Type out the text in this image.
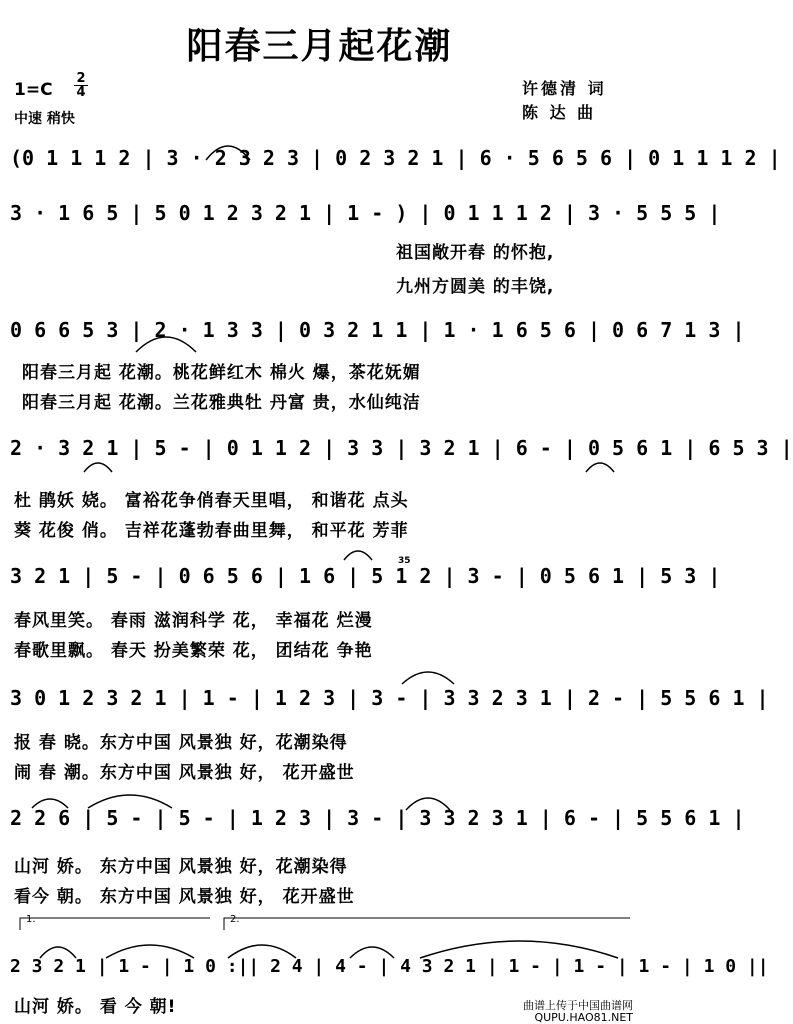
阳春三月起花潮
$1=C \frac{2}{4}$
中速 稍快
许德清 词
陈 达 曲
(0 1 1 1 2 | 3 · 2 3 2 3 | 0 2 3 2 1 | 6 · 5 6 5 6 | 0 1 1 1 2 |
3 · 1 6 5 | 5 0 1 2 3 2 1 | 1 - ) | 0 1 1 1 2 | 3 · 5 5 5 |
祖国敞开春 的怀抱,
九州方圆美 的丰饶,
0 6 6 5 3 | 2 · 1 3 3 | 0 3 2 1 1 | 1 · 1 6 5 6 | 0 6 7 1 3 |
阳春三月起 花潮。桃花鲜红木 棉火 爆，茶花妩媚
阳春三月起 花潮。兰花雅典牡 丹富 贵，水仙纯洁
2 · 3 2 1 | 5 - | 0 1 1 2 | 3 3 | 3 2 1 | 6 - | 0 5 6 1 | 6 5 3 |
杜 鹃妖 娆。 富裕花争俏春天里唱， 和谐花 点头
葵 花俊 俏。 吉祥花蓬勃春曲里舞， 和平花 芳菲
3 2 1 | 5 - | 0 6 5 6 | 1 6 | 5 1 2 | 3 - | 0 5 6 1 | 5 3 |
35
春风里笑。 春雨 滋润科学 花， 幸福花 烂漫
春歌里飘。 春天 扮美繁荣 花， 团结花 争艳
3 0 1 2 3 2 1 | 1 - | 1 2 3 | 3 - | 3 3 2 3 1 | 2 - | 5 5 6 1 |
报 春 晓。东方中国 风景独 好，花潮染得
闹 春 潮。东方中国 风景独 好， 花开盛世
2 2 6 | 5 - | 5 - | 1 2 3 | 3 - | 3 3 2 3 1 | 6 - | 5 5 6 1 |
山河 娇。 东方中国 风景独 好，花潮染得
看今 朝。 东方中国 风景独 好， 花开盛世
1.	2.
2 3 2 1 | 1 - | 1 0 :|| 2 4 | 4 - | 4 3 2 1 | 1 - | 1 - | 1 - | 1 0 ||
山河 娇。 看 今 朝!	曲谱上传于中国曲谱网
QUPU.HAO81.NET
